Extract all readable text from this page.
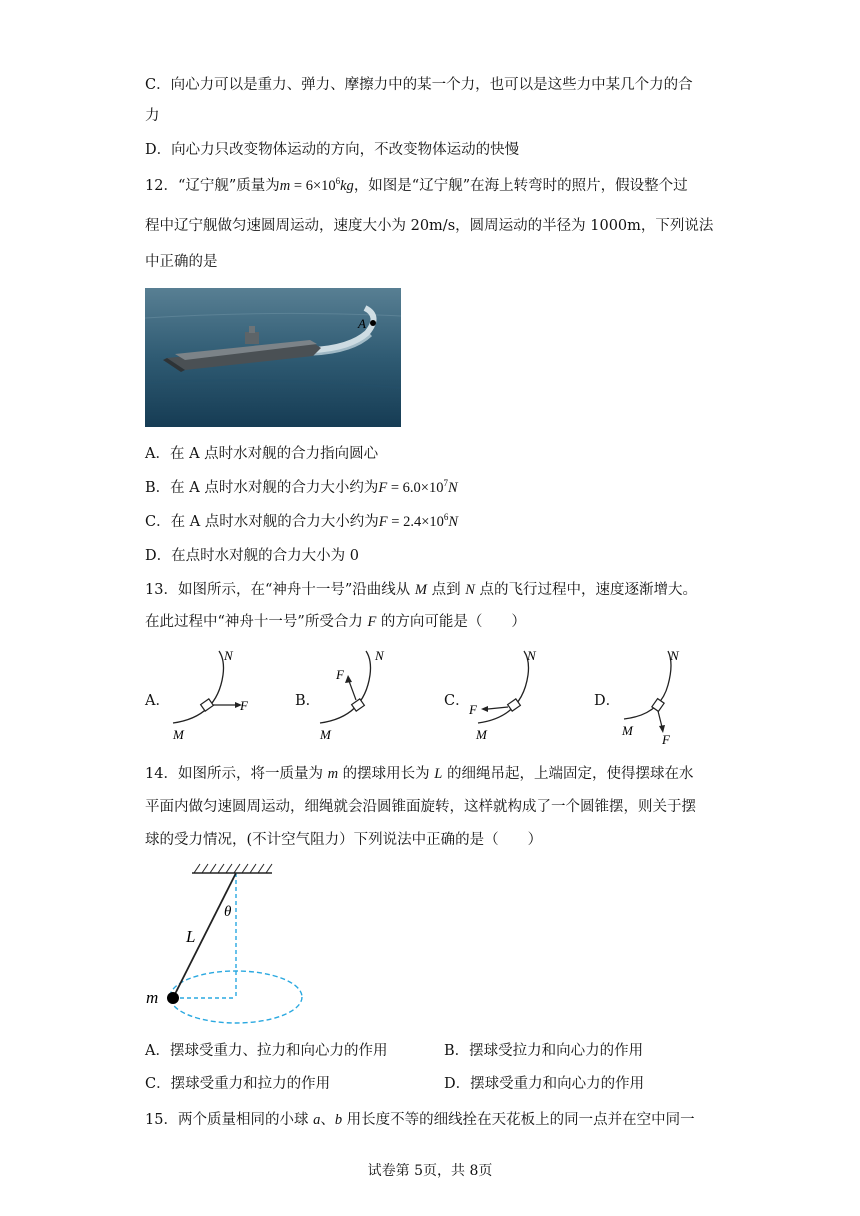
C．向心力可以是重力、弹力、摩擦力中的某一个力，也可以是这些力中某几个力的合
力
D．向心力只改变物体运动的方向，不改变物体运动的快慢
12．“辽宁舰”质量为$m = 6\times 10^6kg$，如图是“辽宁舰”在海上转弯时的照片，假设整个过
程中辽宁舰做匀速圆周运动，速度大小为 20m/s，圆周运动的半径为 1000m，下列说法
中正确的是
A
A．在 A 点时水对舰的合力指向圆心
B．在 A 点时水对舰的合力大小约为$F = 6.0\times 10^7N$
C．在 A 点时水对舰的合力大小约为$F = 2.4\times 10^6N$
D．在点时水对舰的合力大小为 0
13．如图所示，在“神舟十一号”沿曲线从 M 点到 N 点的飞行过程中，速度逐渐增大。
在此过程中“神舟十一号”所受合力 F 的方向可能是（　　）
A．	B．	C．	D．
N
F
M
N
F
M
N
F
M
N
F
M
14．如图所示，将一质量为 m 的摆球用长为 L 的细绳吊起，上端固定，使得摆球在水
平面内做匀速圆周运动，细绳就会沿圆锥面旋转，这样就构成了一个圆锥摆，则关于摆
球的受力情况，(不计空气阻力）下列说法中正确的是（　　）
θ
L
m
A．摆球受重力、拉力和向心力的作用	B．摆球受拉力和向心力的作用
C．摆球受重力和拉力的作用	D．摆球受重力和向心力的作用
15．两个质量相同的小球 a、b 用长度不等的细线拴在天花板上的同一点并在空中同一
试卷第 5页，共 8页
